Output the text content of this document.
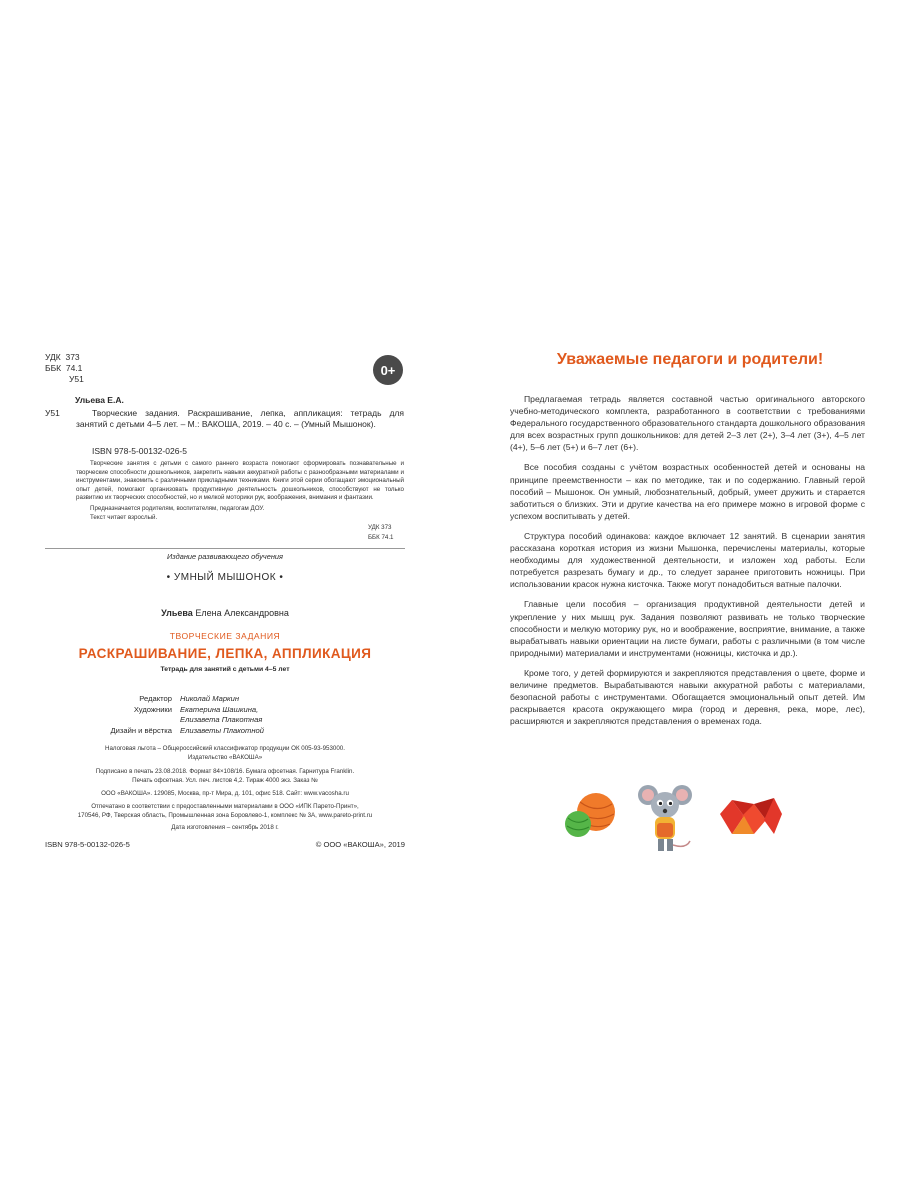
УДК 373
ББК 74.1
У51
0+
Ульева Е.А.
У51	Творческие задания. Раскрашивание, лепка, аппликация: тетрадь для занятий с детьми 4–5 лет. – М.: ВАКОША, 2019. – 40 с. – (Умный Мышонок).
ISBN 978-5-00132-026-5
Творческие занятия с детьми с самого раннего возраста помогают сформировать познавательные и творческие способности дошкольников, закрепить навыки аккуратной работы с разнообразными материалами и инструментами, знакомить с различными прикладными техниками. Книги этой серии обогащают эмоциональный опыт детей, помогают организовать продуктивную деятельность дошкольников, способствуют не только развитию их творческих способностей, но и мелкой моторики рук, воображения, внимания и фантазии.
Предназначается родителям, воспитателям, педагогам ДОУ.
Текст читает взрослый.
УДК 373
ББК 74.1
Издание развивающего обучения
• УМНЫЙ МЫШОНОК •
Ульева Елена Александровна
ТВОРЧЕСКИЕ ЗАДАНИЯ
РАСКРАШИВАНИЕ, ЛЕПКА, АППЛИКАЦИЯ
Тетрадь для занятий с детьми 4–5 лет
Редактор	Николай Маркин
Художники	Екатерина Шашкина,
Елизавета Плакотная
Дизайн и вёрстка	Елизаветы Плакотной
Налоговая льгота – Общероссийский классификатор продукции ОК 005-93-953000.
Издательство «ВАКОША»
Подписано в печать 23.08.2018. Формат 84×108/16. Бумага офсетная. Гарнитура Franklin.
Печать офсетная. Усл. печ. листов 4,2. Тираж 4000 экз. Заказ №
ООО «ВАКОША». 129085, Москва, пр-т Мира, д. 101, офис 518. Сайт: www.vacosha.ru
Отпечатано в соответствии с предоставленными материалами в ООО «ИПК Парето-Принт»,
170546, РФ, Тверская область, Промышленная зона Боровлево-1, комплекс № 3А, www.pareto-print.ru
Дата изготовления – сентябрь 2018 г.
ISBN 978-5-00132-026-5	© ООО «ВАКОША», 2019
Уважаемые педагоги и родители!

Предлагаемая тетрадь является составной частью оригинального авторского учебно-методического комплекта, разработанного в соответствии с требованиями Федерального государственного образовательного стандарта дошкольного образования для всех возрастных групп дошкольников: для детей 2–3 лет (2+), 3–4 лет (3+), 4–5 лет (4+), 5–6 лет (5+) и 6–7 лет (6+).

Все пособия созданы с учётом возрастных особенностей детей и основаны на принципе преемственности – как по методике, так и по содержанию. Главный герой пособий – Мышонок. Он умный, любознательный, добрый, умеет дружить и старается заботиться о близких. Эти и другие качества на его примере можно в игровой форме с успехом воспитывать у детей.

Структура пособий одинакова: каждое включает 12 занятий. В сценарии занятия рассказана короткая история из жизни Мышонка, перечислены материалы, которые необходимы для художественной деятельности, и изложен ход работы. Если потребуется разрезать бумагу и др., то следует заранее приготовить ножницы. При использовании красок нужна кисточка. Также могут понадобиться ватные палочки.

Главные цели пособия – организация продуктивной деятельности детей и укрепление у них мышц рук. Задания позволяют развивать не только творческие способности и мелкую моторику рук, но и воображение, восприятие, внимание, а также вырабатывать навыки ориентации на листе бумаги, работы с различными (в том числе природными) материалами и инструментами (ножницы, кисточка и др.).

Кроме того, у детей формируются и закрепляются представления о цвете, форме и величине предметов. Вырабатываются навыки аккуратной работы с материалами, безопасной работы с инструментами. Обогащается эмоциональный опыт детей. Им раскрывается красота окружающего мира (город и деревня, река, море, лес), расширяются и закрепляются представления о временах года.
